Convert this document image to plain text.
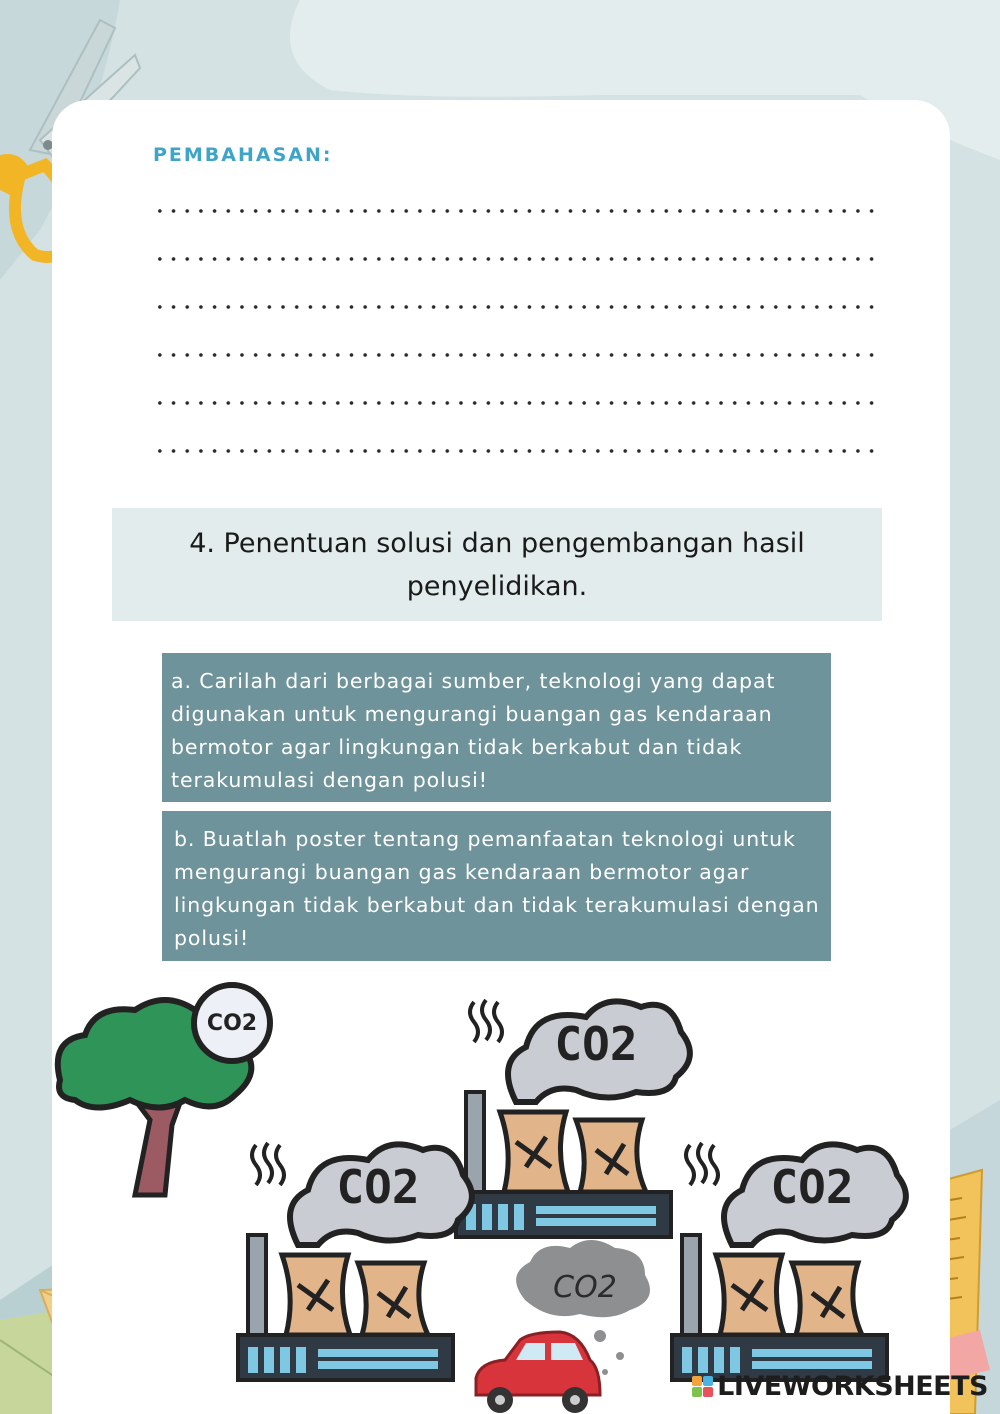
PEMBAHASAN:
4. Penentuan solusi dan pengembangan hasil penyelidikan.

a. Carilah dari berbagai sumber, teknologi yang dapat digunakan untuk mengurangi buangan gas kendaraan bermotor agar lingkungan tidak berkabut dan tidak terakumulasi dengan polusi!

b. Buatlah poster tentang pemanfaatan teknologi untuk mengurangi buangan gas kendaraan bermotor agar lingkungan tidak berkabut dan tidak terakumulasi dengan polusi!

CO2	CO2
CO2	CO2
CO2
LIVEWORKSHEETS
